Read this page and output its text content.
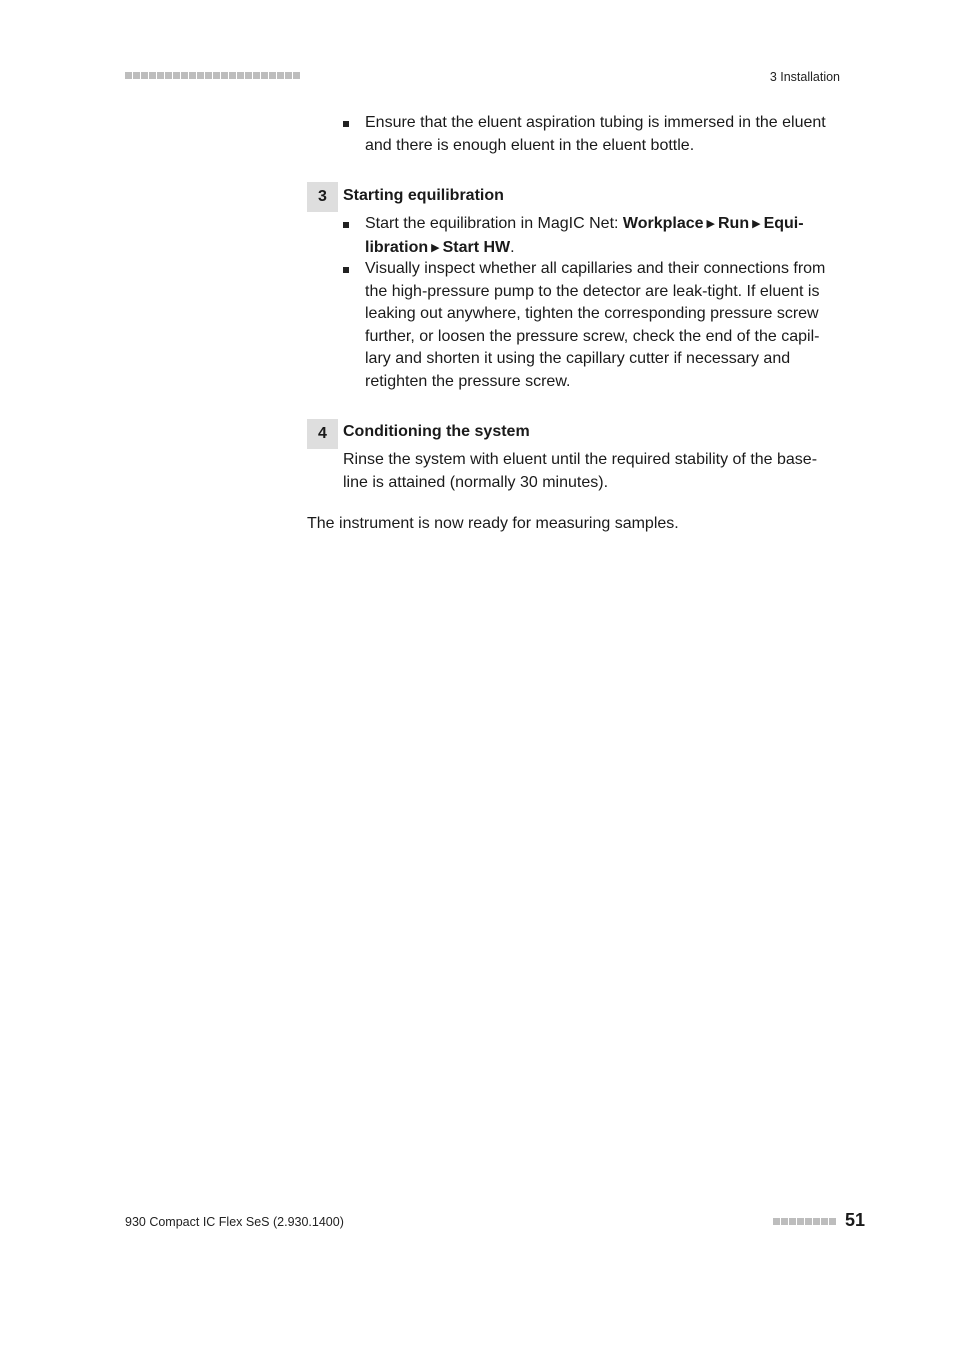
3 Installation
Ensure that the eluent aspiration tubing is immersed in the eluent and there is enough eluent in the eluent bottle.
3	Starting equilibration
Start the equilibration in MagIC Net: Workplace ▶ Run ▶ Equi-libration ▶ Start HW.
Visually inspect whether all capillaries and their connections from the high-pressure pump to the detector are leak-tight. If eluent is leaking out anywhere, tighten the corresponding pressure screw further, or loosen the pressure screw, check the end of the capil-lary and shorten it using the capillary cutter if necessary and retighten the pressure screw.
4	Conditioning the system
Rinse the system with eluent until the required stability of the base-line is attained (normally 30 minutes).
The instrument is now ready for measuring samples.
930 Compact IC Flex SeS (2.930.1400)	51
